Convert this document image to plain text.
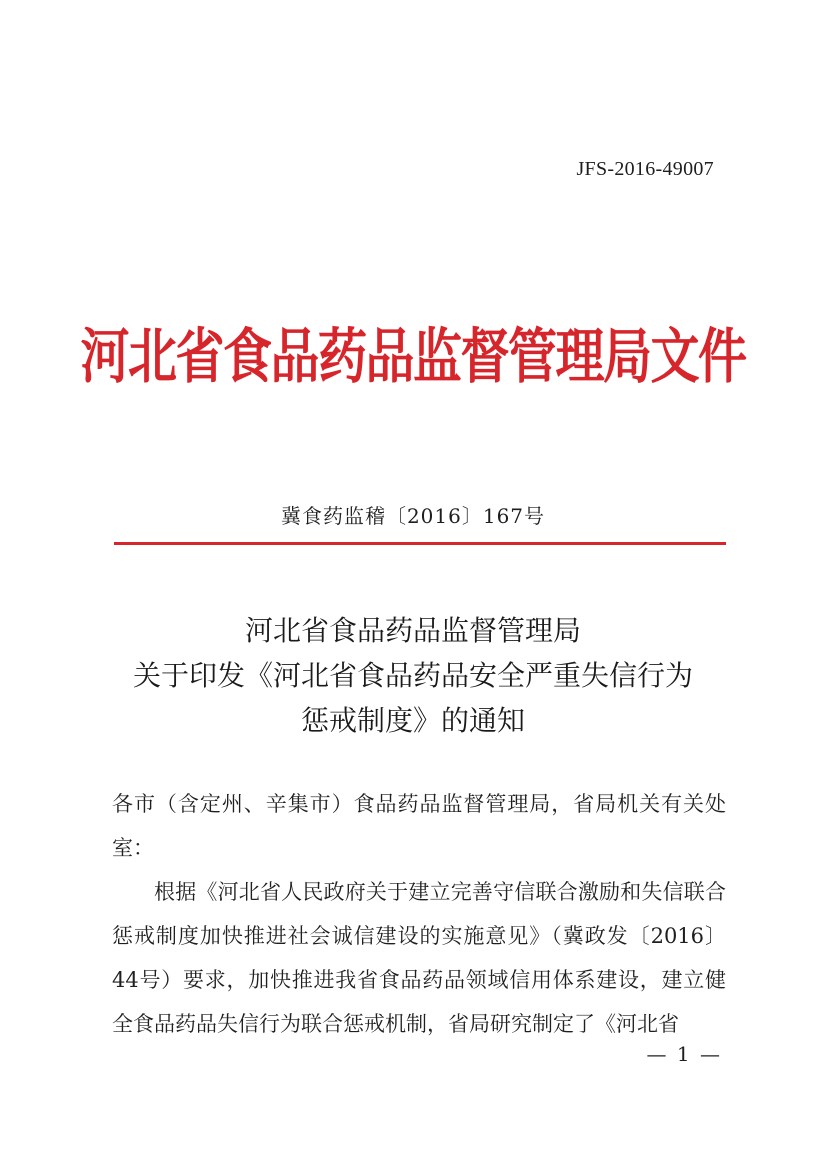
JFS-2016-49007
河北省食品药品监督管理局文件
冀食药监稽〔2016〕167号
河北省食品药品监督管理局
关于印发《河北省食品药品安全严重失信行为
惩戒制度》的通知

各市（含定州、辛集市）食品药品监督管理局，省局机关有关处室：

根据《河北省人民政府关于建立完善守信联合激励和失信联合惩戒制度加快推进社会诚信建设的实施意见》（冀政发〔2016〕44号）要求，加快推进我省食品药品领域信用体系建设，建立健全食品药品失信行为联合惩戒机制，省局研究制定了《河北省

— 1 —
